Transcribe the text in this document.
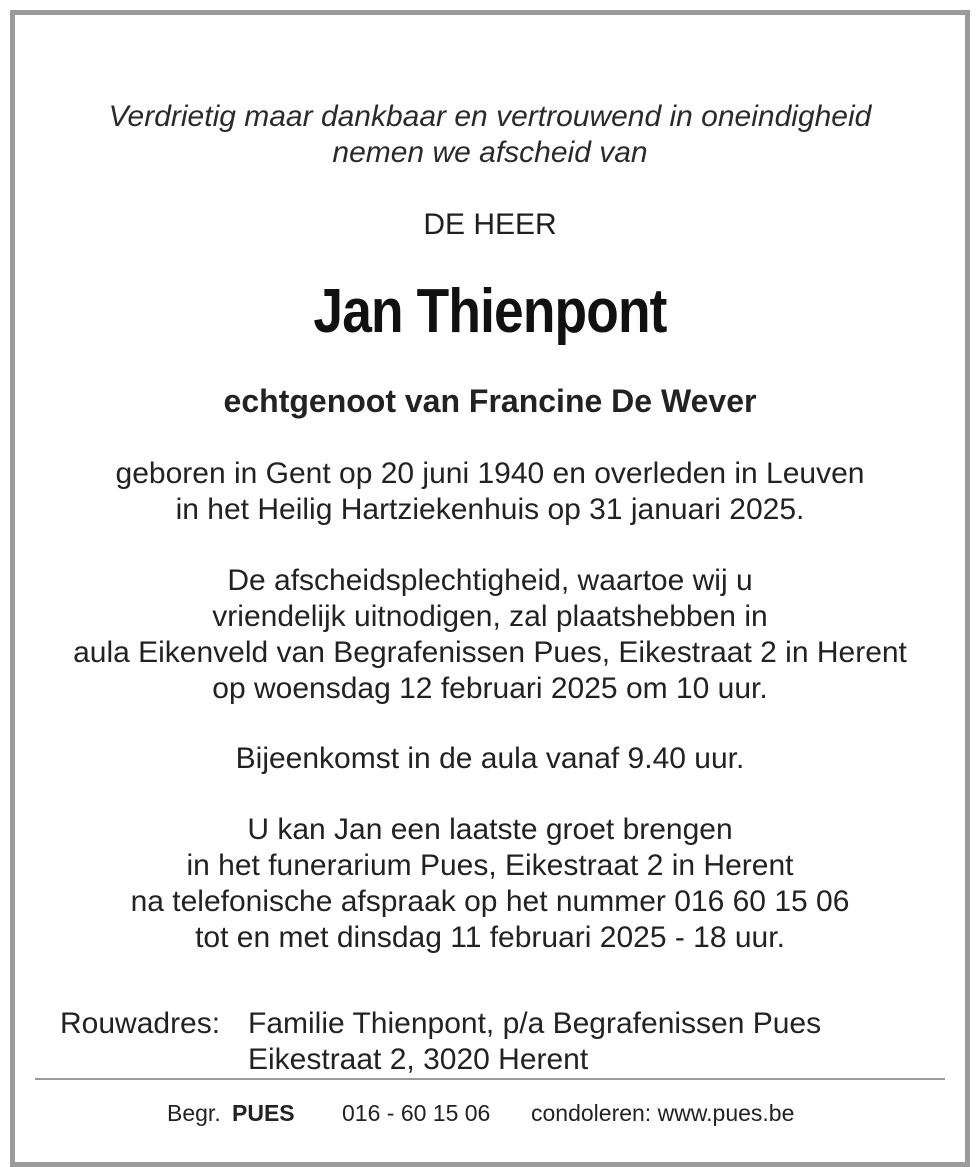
Verdrietig maar dankbaar en vertrouwend in oneindigheid
nemen we afscheid van
DE HEER
Jan Thienpont
echtgenoot van Francine De Wever
geboren in Gent op 20 juni 1940 en overleden in Leuven
in het Heilig Hartziekenhuis op 31 januari 2025.
De afscheidsplechtigheid, waartoe wij u
vriendelijk uitnodigen, zal plaatshebben in
aula Eikenveld van Begrafenissen Pues, Eikestraat 2 in Herent
op woensdag 12 februari 2025 om 10 uur.
Bijeenkomst in de aula vanaf 9.40 uur.
U kan Jan een laatste groet brengen
in het funerarium Pues, Eikestraat 2 in Herent
na telefonische afspraak op het nummer 016 60 15 06
tot en met dinsdag 11 februari 2025 - 18 uur.
Rouwadres: Familie Thienpont, p/a Begrafenissen Pues
Eikestraat 2, 3020 Herent
Begr. PUES 016 - 60 15 06 condoleren: www.pues.be
